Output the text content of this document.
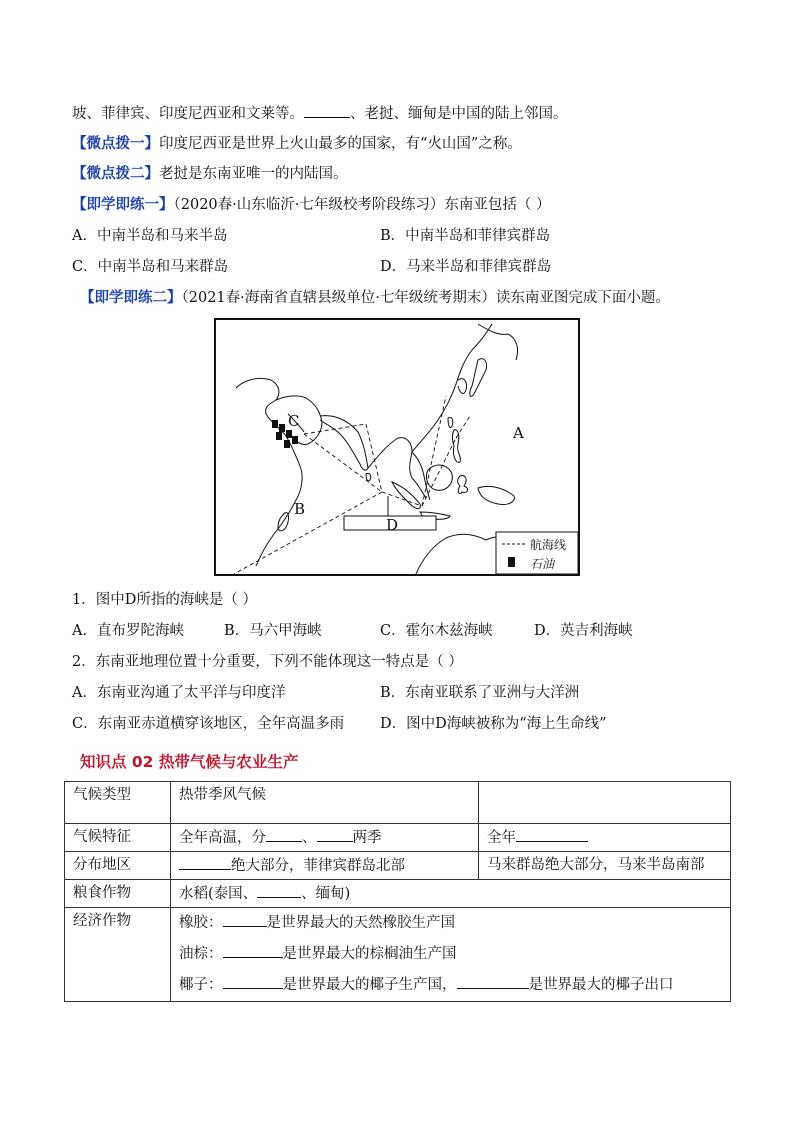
坡、菲律宾、印度尼西亚和文莱等。	、老挝、缅甸是中国的陆上邻国。
【微点拨一】印度尼西亚是世界上火山最多的国家，有“火山国”之称。
【微点拨二】老挝是东南亚唯一的内陆国。
【即学即练一】（2020春·山东临沂·七年级校考阶段练习）东南亚包括（ ）
A．中南半岛和马来半岛	B．中南半岛和菲律宾群岛
C．中南半岛和马来群岛	D．马来半岛和菲律宾群岛
【即学即练二】（2021春·海南省直辖县级单位·七年级统考期末）读东南亚图完成下面小题。
C
A
B
D
航海线
石油
1．图中D所指的海峡是（ ）
A．直布罗陀海峡	B．马六甲海峡	C．霍尔木兹海峡	D．英吉利海峡
2．东南亚地理位置十分重要，下列不能体现这一特点是（ ）
A．东南亚沟通了太平洋与印度洋	B．东南亚联系了亚洲与大洋洲
C．东南亚赤道横穿该地区，全年高温多雨 D．图中D海峡被称为“海上生命线”
知识点 02 热带气候与农业生产
气候类型	热带季风气候	
气候特征	全年高温，分 、 两季	全年
分布地区	绝大部分，菲律宾群岛北部	马来群岛绝大部分，马来半岛南部
粮食作物	水稻(泰国、 、缅甸)	
经济作物	橡胶： 是世界最大的天然橡胶生产国
油棕： 是世界最大的棕榈油生产国
椰子： 是世界最大的椰子生产国， 是世界最大的椰子出口	
